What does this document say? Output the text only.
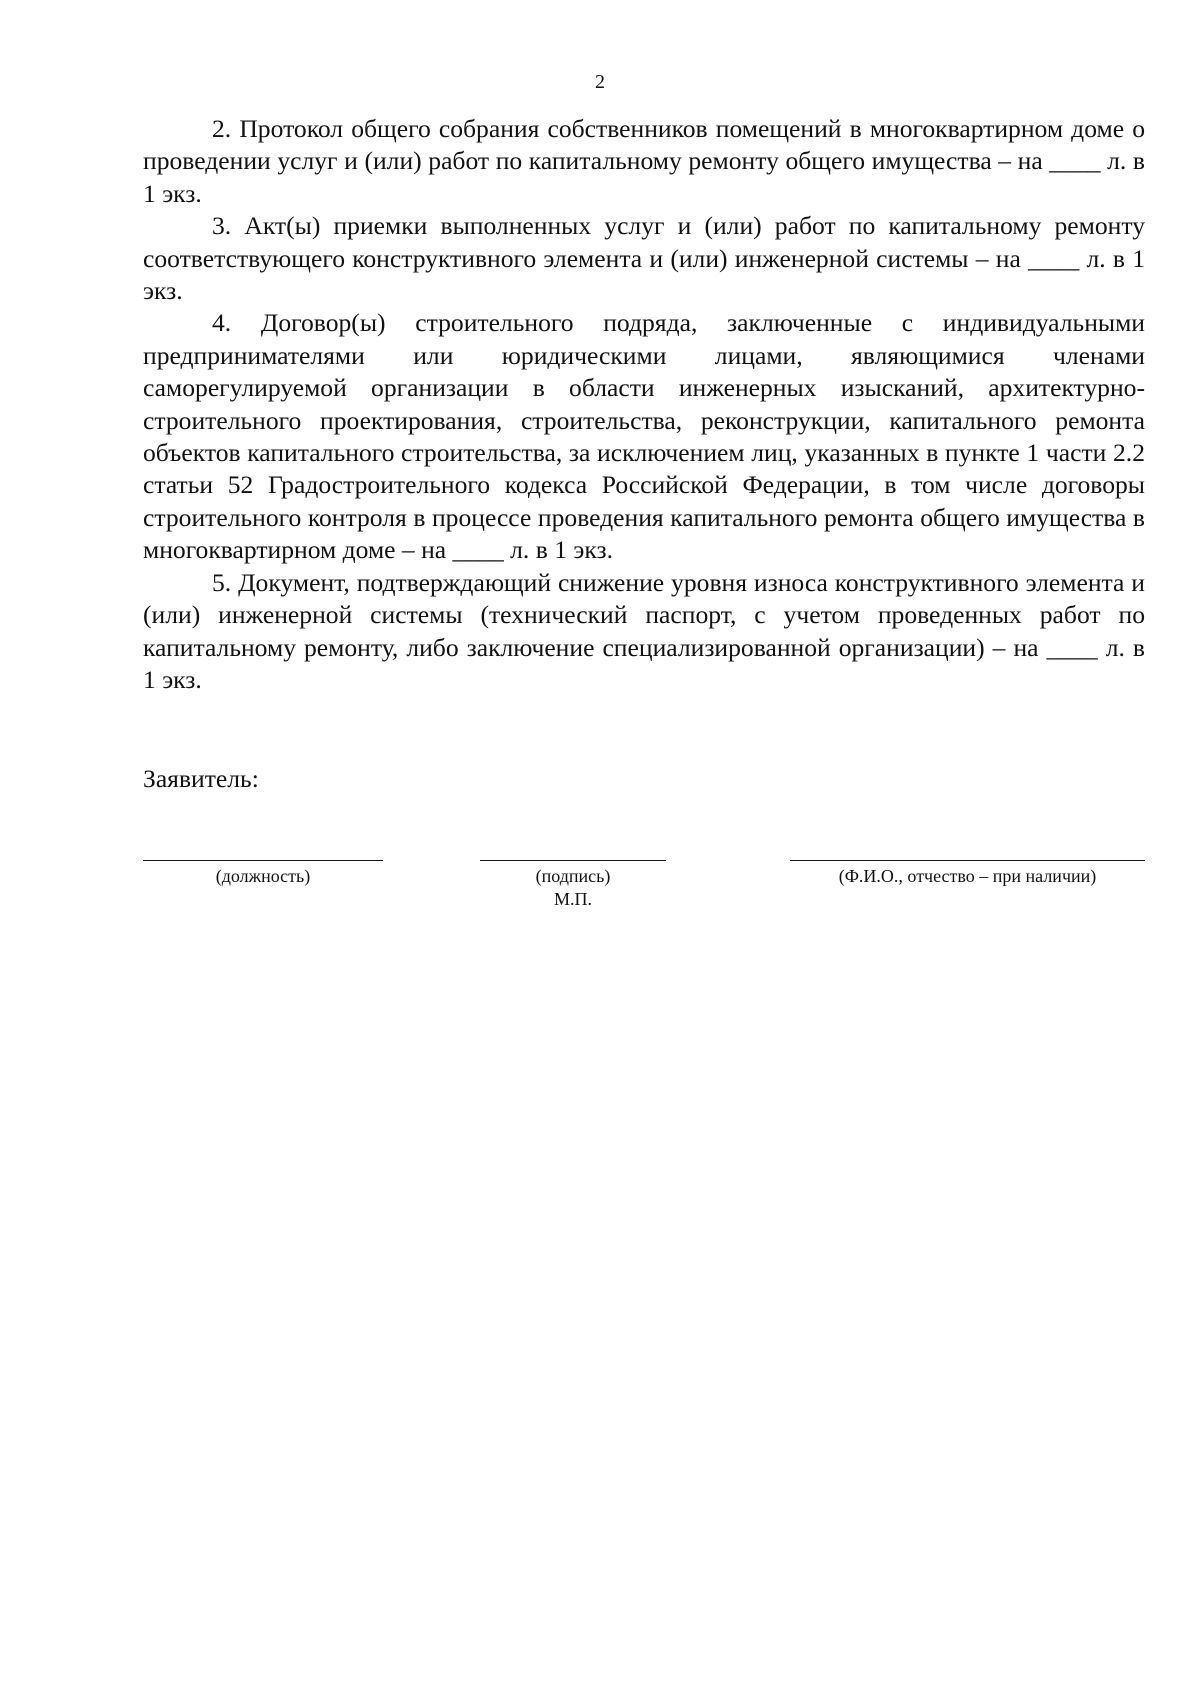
2

2. Протокол общего собрания собственников помещений в многоквартирном доме о проведении услуг и (или) работ по капитальному ремонту общего имущества – на ____ л. в 1 экз.

3. Акт(ы) приемки выполненных услуг и (или) работ по капитальному ремонту соответствующего конструктивного элемента и (или) инженерной системы – на ____ л. в 1 экз.

4. Договор(ы) строительного подряда, заключенные с индивидуальными предпринимателями или юридическими лицами, являющимися членами саморегулируемой организации в области инженерных изысканий, архитектурно-строительного проектирования, строительства, реконструкции, капитального ремонта объектов капитального строительства, за исключением лиц, указанных в пункте 1 части 2.2 статьи 52 Градостроительного кодекса Российской Федерации, в том числе договоры строительного контроля в процессе проведения капитального ремонта общего имущества в многоквартирном доме – на ____ л. в 1 экз.

5. Документ, подтверждающий снижение уровня износа конструктивного элемента и (или) инженерной системы (технический паспорт, с учетом проведенных работ по капитальному ремонту, либо заключение специализированной организации) – на ____ л. в 1 экз.

Заявитель:
(должность)	(подпись)
М.П.
(Ф.И.О., отчество – при наличии)
